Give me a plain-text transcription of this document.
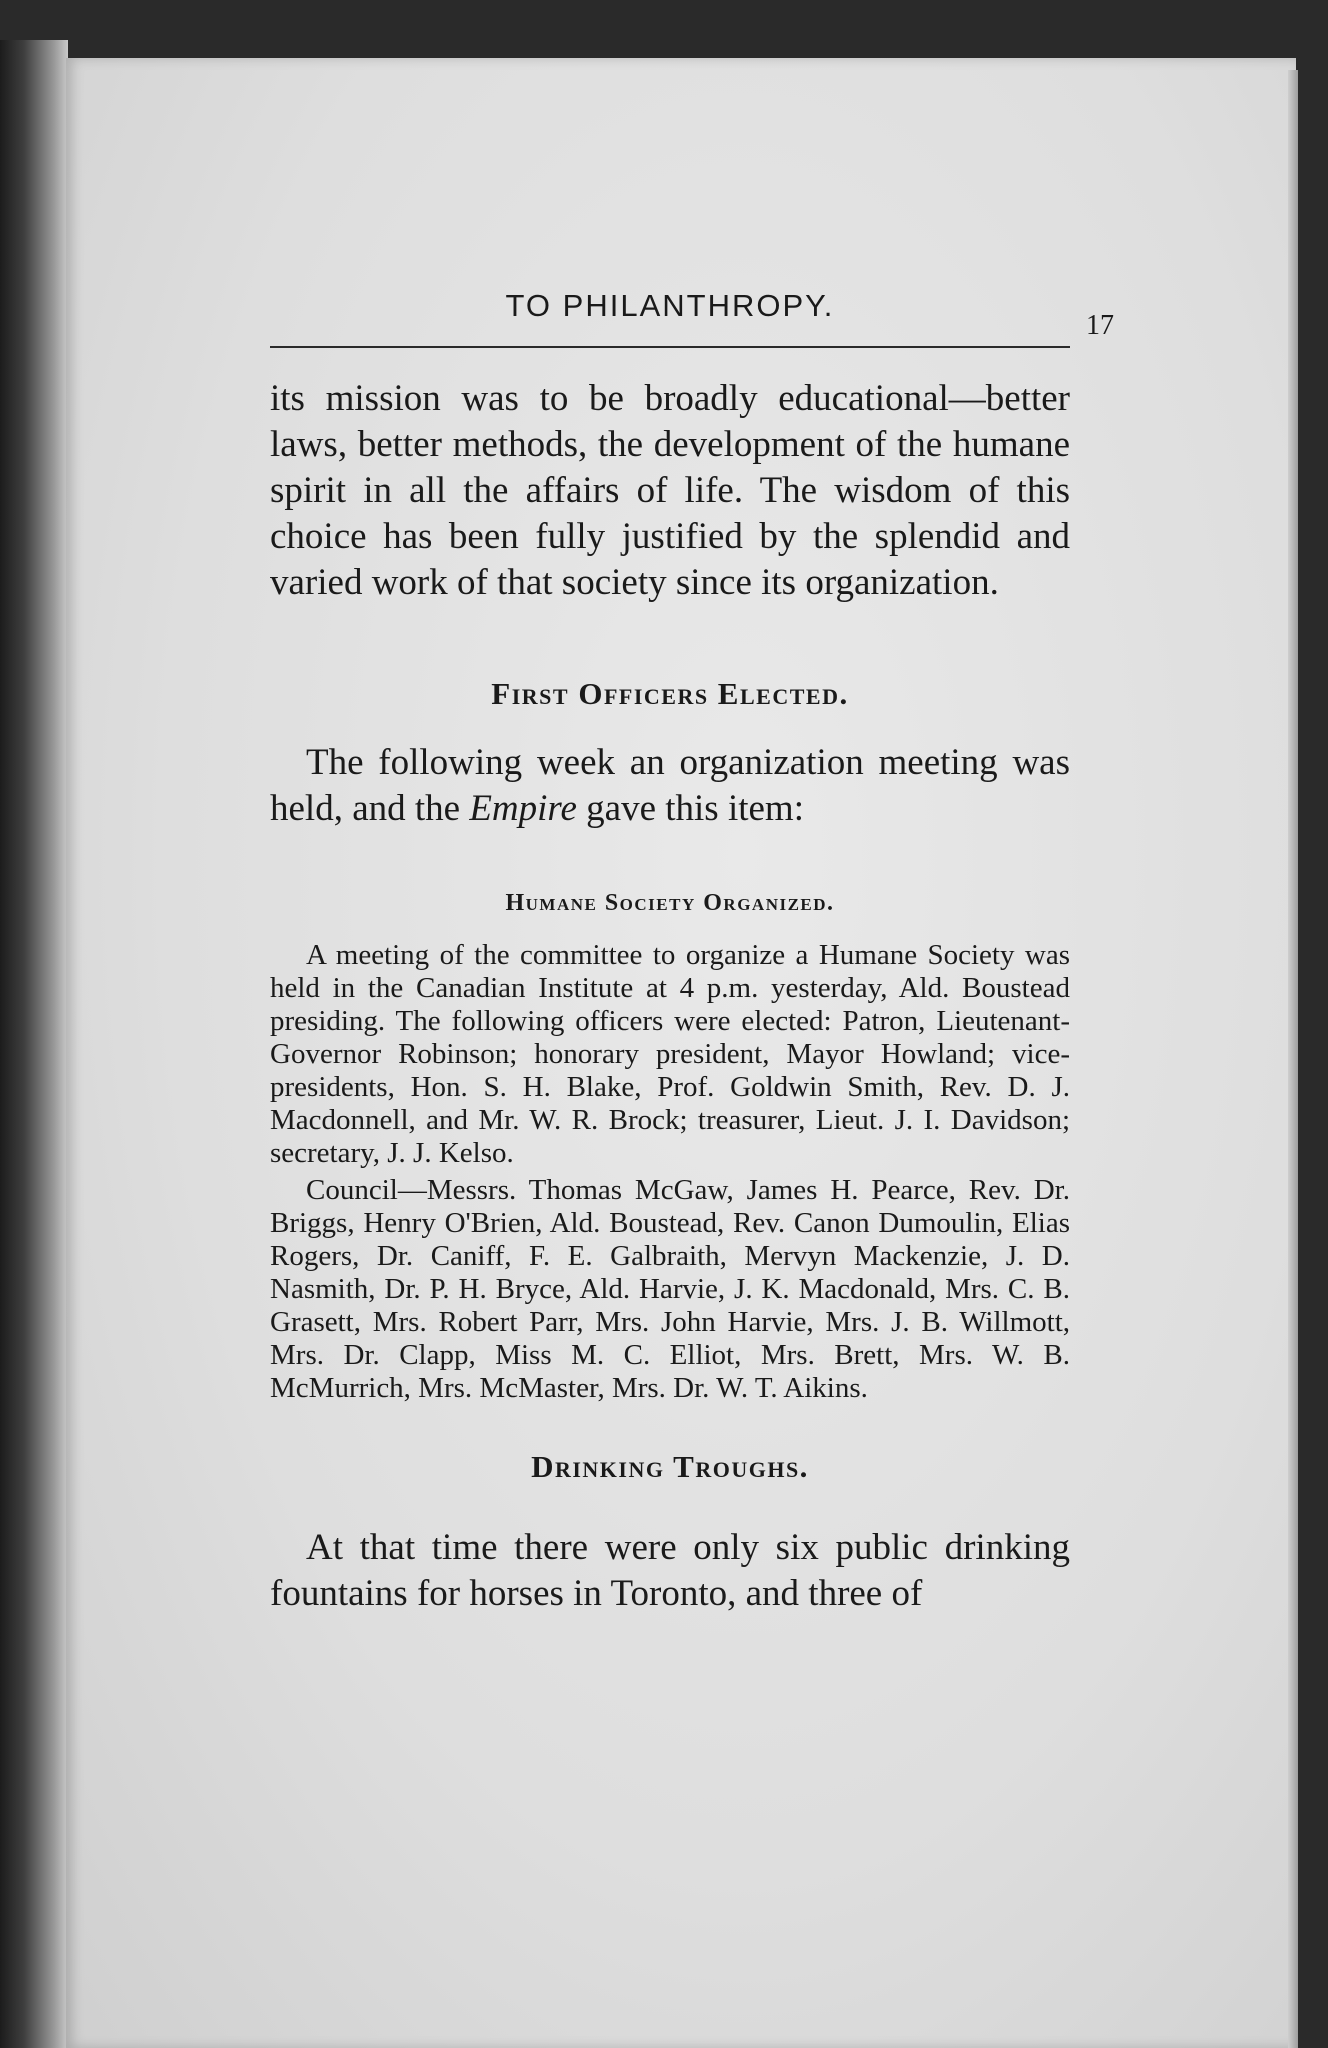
TO PHILANTHROPY.
17

its mission was to be broadly educational—better laws, better methods, the development of the humane spirit in all the affairs of life. The wisdom of this choice has been fully justified by the splendid and varied work of that society since its organization.

First Officers Elected.

The following week an organization meeting was held, and the Empire gave this item:

Humane Society Organized.

A meeting of the committee to organize a Humane Society was held in the Canadian Institute at 4 p.m. yesterday, Ald. Boustead presiding. The following officers were elected: Patron, Lieutenant-Governor Robinson; honorary president, Mayor Howland; vice-presidents, Hon. S. H. Blake, Prof. Goldwin Smith, Rev. D. J. Macdonnell, and Mr. W. R. Brock; treasurer, Lieut. J. I. Davidson; secretary, J. J. Kelso.

Council—Messrs. Thomas McGaw, James H. Pearce, Rev. Dr. Briggs, Henry O'Brien, Ald. Boustead, Rev. Canon Dumoulin, Elias Rogers, Dr. Caniff, F. E. Galbraith, Mervyn Mackenzie, J. D. Nasmith, Dr. P. H. Bryce, Ald. Harvie, J. K. Macdonald, Mrs. C. B. Grasett, Mrs. Robert Parr, Mrs. John Harvie, Mrs. J. B. Willmott, Mrs. Dr. Clapp, Miss M. C. Elliot, Mrs. Brett, Mrs. W. B. McMurrich, Mrs. McMaster, Mrs. Dr. W. T. Aikins.

Drinking Troughs.

At that time there were only six public drinking fountains for horses in Toronto, and three of
